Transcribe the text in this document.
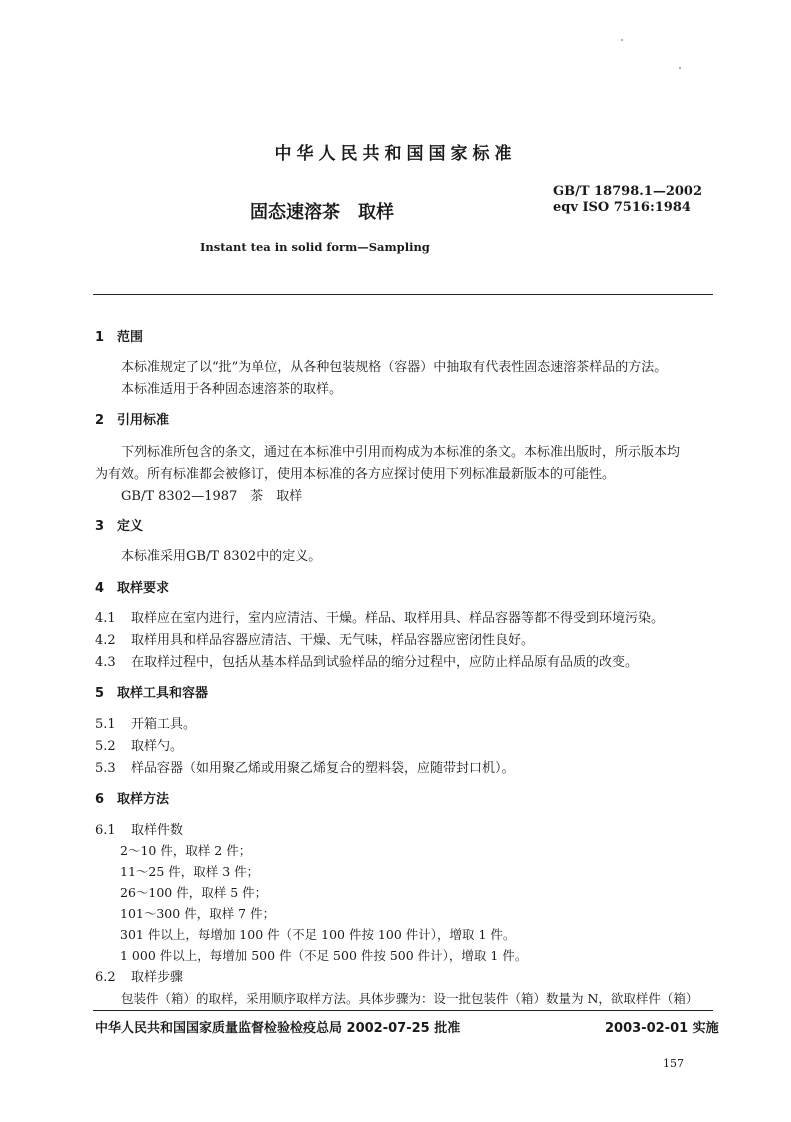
中华人民共和国国家标准
固态速溶茶　取样
GB/T 18798.1—2002
eqv ISO 7516:1984
Instant tea in solid form—Sampling
1 范围
本标准规定了以“批”为单位，从各种包装规格（容器）中抽取有代表性固态速溶茶样品的方法。
本标准适用于各种固态速溶茶的取样。
2 引用标准
下列标准所包含的条文，通过在本标准中引用而构成为本标准的条文。本标准出版时，所示版本均
为有效。所有标准都会被修订，使用本标准的各方应探讨使用下列标准最新版本的可能性。
GB/T 8302—1987　茶　取样
3 定义
本标准采用GB/T 8302中的定义。
4 取样要求
4.1 取样应在室内进行，室内应清洁、干燥。样品、取样用具、样品容器等都不得受到环境污染。
4.2 取样用具和样品容器应清洁、干燥、无气味，样品容器应密闭性良好。
4.3 在取样过程中，包括从基本样品到试验样品的缩分过程中，应防止样品原有品质的改变。
5 取样工具和容器
5.1 开箱工具。
5.2 取样勺。
5.3 样品容器（如用聚乙烯或用聚乙烯复合的塑料袋，应随带封口机）。
6 取样方法
6.1 取样件数
2～10 件，取样 2 件；
11～25 件，取样 3 件；
26～100 件，取样 5 件；
101～300 件，取样 7 件；
301 件以上，每增加 100 件（不足 100 件按 100 件计），增取 1 件。
1 000 件以上，每增加 500 件（不足 500 件按 500 件计），增取 1 件。
6.2 取样步骤
包装件（箱）的取样，采用顺序取样方法。具体步骤为：设一批包装件（箱）数量为 N，欲取样件（箱）
中华人民共和国国家质量监督检验检疫总局 2002-07-25 批准	2003-02-01 实施
157
